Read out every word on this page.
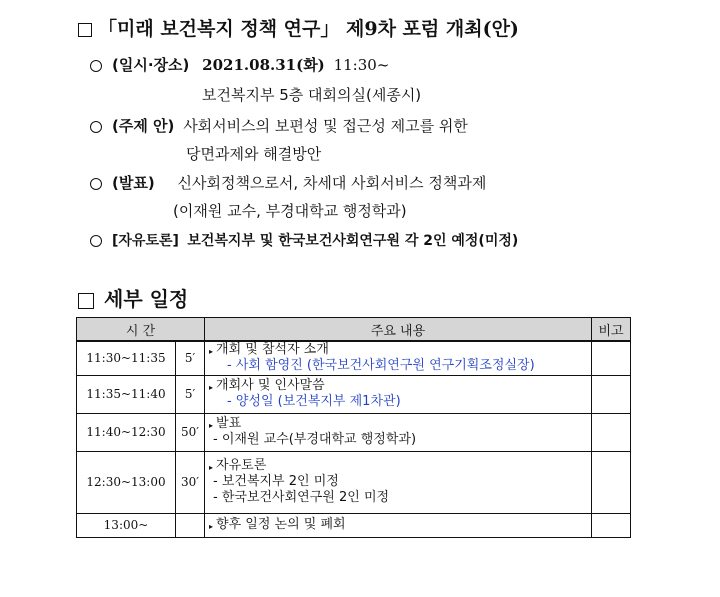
「미래 보건복지 정책 연구」 제9차 포럼 개최(안)
(일시·장소) 2021.08.31(화) 11:30~
보건복지부 5층 대회의실(세종시)
(주제 안) 사회서비스의 보편성 및 접근성 제고를 위한
당면과제와 해결방안
(발표) 신사회정책으로서, 차세대 사회서비스 정책과제
(이재원 교수, 부경대학교 행정학과)
[자유토론] 보건복지부 및 한국보건사회연구원 각 2인 예정(미정)
세부 일정
시 간		주요 내용	비고
11:30~11:35	5′	▸ 개회 및 참석자 소개
- 사회 함영진 (한국보건사회연구원 연구기획조정실장)	

11:35~11:40	5′	▸ 개회사 및 인사말씀
- 양성일 (보건복지부 제1차관)	

11:40~12:30	50′	▸ 발표
- 이재원 교수(부경대학교 행정학과)	

12:30~13:00	30′	▸ 자유토론
- 보건복지부 2인 미정
- 한국보건사회연구원 2인 미정	

13:00~		▸ 향후 일정 논의 및 폐회	
